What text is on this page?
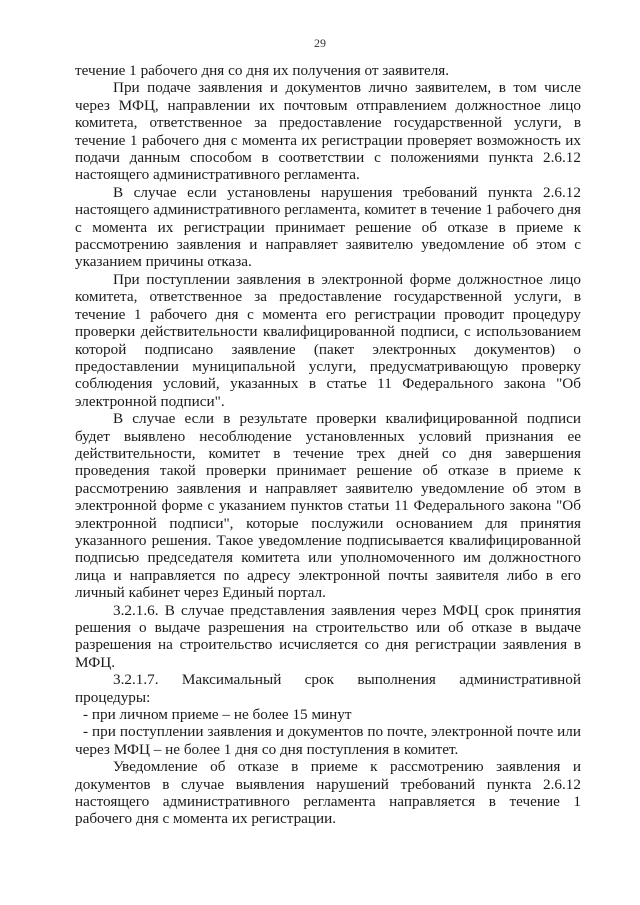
29

течение 1 рабочего дня со дня их получения от заявителя.

При подаче заявления и документов лично заявителем, в том числе через МФЦ, направлении их почтовым отправлением должностное лицо комитета, ответственное за предоставление государственной услуги, в течение 1 рабочего дня с момента их регистрации проверяет возможность их подачи данным способом в соответствии с положениями пункта 2.6.12 настоящего административного регламента.

В случае если установлены нарушения требований пункта 2.6.12 настоящего административного регламента, комитет в течение 1 рабочего дня с момента их регистрации принимает решение об отказе в приеме к рассмотрению заявления и направляет заявителю уведомление об этом с указанием причины отказа.

При поступлении заявления в электронной форме должностное лицо комитета, ответственное за предоставление государственной услуги, в течение 1 рабочего дня с момента его регистрации проводит процедуру проверки действительности квалифицированной подписи, с использованием которой подписано заявление (пакет электронных документов) о предоставлении муниципальной услуги, предусматривающую проверку соблюдения условий, указанных в статье 11 Федерального закона "Об электронной подписи".

В случае если в результате проверки квалифицированной подписи будет выявлено несоблюдение установленных условий признания ее действительности, комитет в течение трех дней со дня завершения проведения такой проверки принимает решение об отказе в приеме к рассмотрению заявления и направляет заявителю уведомление об этом в электронной форме с указанием пунктов статьи 11 Федерального закона "Об электронной подписи", которые послужили основанием для принятия указанного решения. Такое уведомление подписывается квалифицированной подписью председателя комитета или уполномоченного им должностного лица и направляется по адресу электронной почты заявителя либо в его личный кабинет через Единый портал.

3.2.1.6. В случае представления заявления через МФЦ срок принятия решения о выдаче разрешения на строительство или об отказе в выдаче разрешения на строительство исчисляется со дня регистрации заявления в МФЦ.

3.2.1.7. Максимальный срок выполнения административной процедуры:

- при личном приеме – не более 15 минут

- при поступлении заявления и документов по почте, электронной почте или через МФЦ – не более 1 дня со дня поступления в комитет.

Уведомление об отказе в приеме к рассмотрению заявления и документов в случае выявления нарушений требований пункта 2.6.12 настоящего административного регламента направляется в течение 1 рабочего дня с момента их регистрации.
